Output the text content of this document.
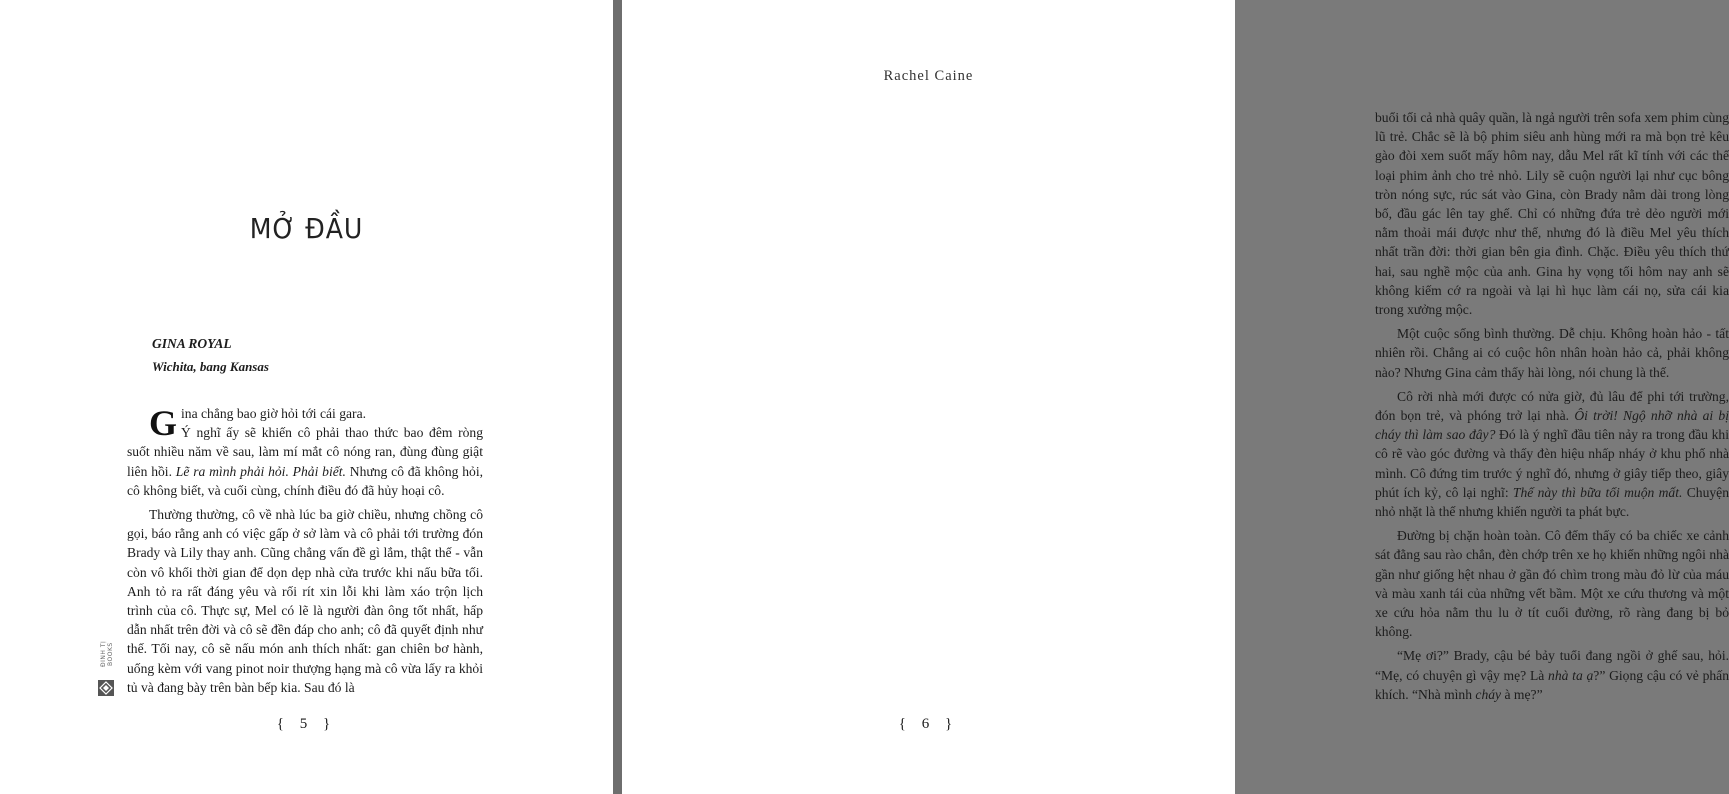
MỞ ĐẦU
GINA ROYAL
Wichita, bang Kansas

Gina chẳng bao giờ hỏi tới cái gara.
Ý nghĩ ấy sẽ khiến cô phải thao thức bao đêm ròng suốt nhiều năm về sau, làm mí mắt cô nóng ran, đùng đùng giật liên hồi. Lẽ ra mình phải hỏi. Phải biết. Nhưng cô đã không hỏi, cô không biết, và cuối cùng, chính điều đó đã hủy hoại cô.

Thường thường, cô về nhà lúc ba giờ chiều, nhưng chồng cô gọi, báo rằng anh có việc gấp ở sở làm và cô phải tới trường đón Brady và Lily thay anh. Cũng chẳng vấn đề gì lắm, thật thế - vẫn còn vô khối thời gian để dọn dẹp nhà cửa trước khi nấu bữa tối. Anh tỏ ra rất đáng yêu và rối rít xin lỗi khi làm xáo trộn lịch trình của cô. Thực sự, Mel có lẽ là người đàn ông tốt nhất, hấp dẫn nhất trên đời và cô sẽ đền đáp cho anh; cô đã quyết định như thế. Tối nay, cô sẽ nấu món anh thích nhất: gan chiên bơ hành, uống kèm với vang pinot noir thượng hạng mà cô vừa lấy ra khỏi tủ và đang bày trên bàn bếp kia. Sau đó là

ĐINH TỊ BOOKS
{ 5 }
Rachel Caine

buổi tối cả nhà quây quần, là ngả người trên sofa xem phim cùng lũ trẻ. Chắc sẽ là bộ phim siêu anh hùng mới ra mà bọn trẻ kêu gào đòi xem suốt mấy hôm nay, dẫu Mel rất kĩ tính với các thể loại phim ảnh cho trẻ nhỏ. Lily sẽ cuộn người lại như cục bông tròn nóng sực, rúc sát vào Gina, còn Brady nằm dài trong lòng bố, đầu gác lên tay ghế. Chỉ có những đứa trẻ dẻo người mới nằm thoải mái được như thế, nhưng đó là điều Mel yêu thích nhất trần đời: thời gian bên gia đình. Chặc. Điều yêu thích thứ hai, sau nghề mộc của anh. Gina hy vọng tối hôm nay anh sẽ không kiếm cớ ra ngoài và lại hì hục làm cái nọ, sửa cái kia trong xưởng mộc.

Một cuộc sống bình thường. Dễ chịu. Không hoàn hảo - tất nhiên rồi. Chẳng ai có cuộc hôn nhân hoàn hảo cả, phải không nào? Nhưng Gina cảm thấy hài lòng, nói chung là thế.

Cô rời nhà mới được có nửa giờ, đủ lâu để phi tới trường, đón bọn trẻ, và phóng trở lại nhà. Ôi trời! Ngộ nhỡ nhà ai bị cháy thì làm sao đây? Đó là ý nghĩ đầu tiên nảy ra trong đầu khi cô rẽ vào góc đường và thấy đèn hiệu nhấp nháy ở khu phố nhà mình. Cô đứng tim trước ý nghĩ đó, nhưng ở giây tiếp theo, giây phút ích kỷ, cô lại nghĩ: Thế này thì bữa tối muộn mất. Chuyện nhỏ nhặt là thế nhưng khiến người ta phát bực.

Đường bị chặn hoàn toàn. Cô đếm thấy có ba chiếc xe cảnh sát đằng sau rào chắn, đèn chớp trên xe họ khiến những ngôi nhà gần như giống hệt nhau ở gần đó chìm trong màu đỏ lừ của máu và màu xanh tái của những vết bầm. Một xe cứu thương và một xe cứu hỏa nằm thu lu ở tít cuối đường, rõ ràng đang bị bỏ không.

“Mẹ ơi?” Brady, cậu bé bảy tuổi đang ngồi ở ghế sau, hỏi. “Mẹ, có chuyện gì vậy mẹ? Là nhà ta ạ?” Giọng cậu có vẻ phấn khích. “Nhà mình cháy à mẹ?”

{ 6 }
